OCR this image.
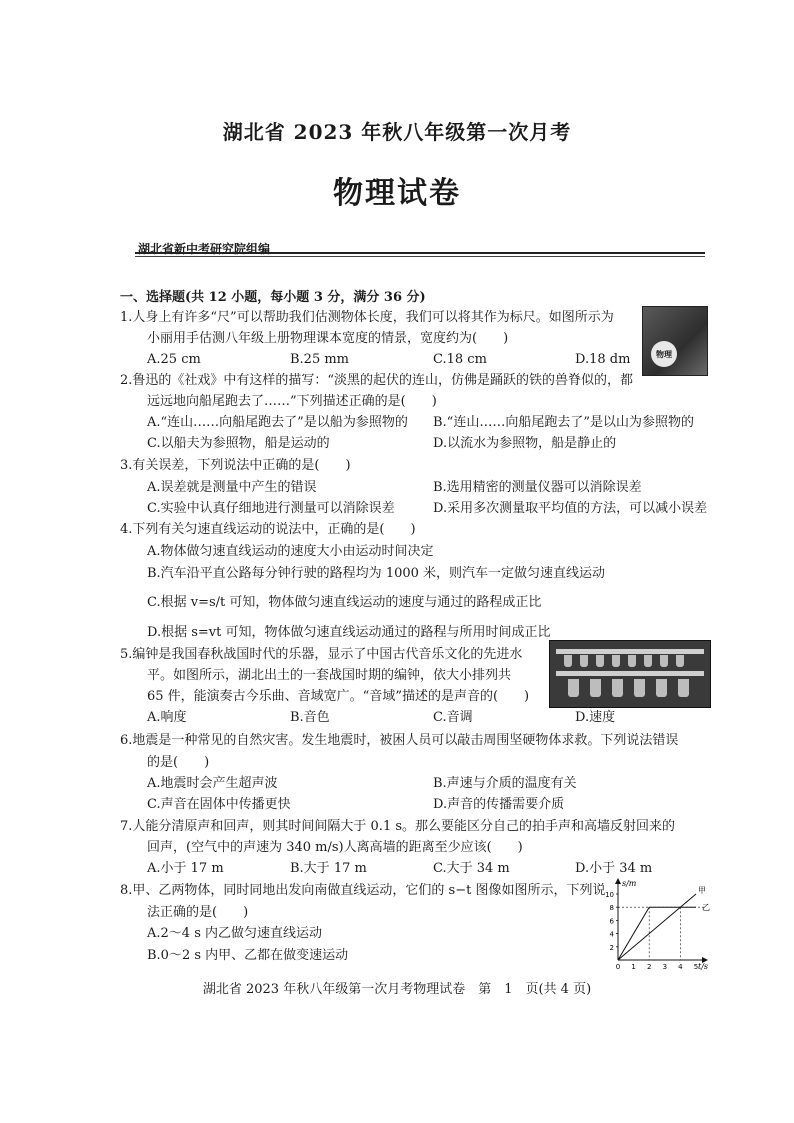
湖北省 2023 年秋八年级第一次月考
物理试卷
湖北省新中考研究院组编
一、选择题(共 12 小题，每小题 3 分，满分 36 分)
1.人身上有许多“尺”可以帮助我们估测物体长度，我们可以将其作为标尺。如图所示为
小丽用手估测八年级上册物理课本宽度的情景，宽度约为(　　)
A.25 cm	B.25 mm	C.18 cm	D.18 dm	物理
2.鲁迅的《社戏》中有这样的描写：“淡黑的起伏的连山，仿佛是踊跃的铁的兽脊似的，都
远远地向船尾跑去了……”下列描述正确的是(　　)
A.“连山……向船尾跑去了”是以船为参照物的 B.“连山……向船尾跑去了”是以山为参照物的
C.以船夫为参照物，船是运动的	D.以流水为参照物，船是静止的
3.有关误差，下列说法中正确的是(　　)
A.误差就是测量中产生的错误	B.选用精密的测量仪器可以消除误差
C.实验中认真仔细地进行测量可以消除误差	D.采用多次测量取平均值的方法，可以减小误差
4.下列有关匀速直线运动的说法中，正确的是(　　)
A.物体做匀速直线运动的速度大小由运动时间决定
B.汽车沿平直公路每分钟行驶的路程均为 1000 米，则汽车一定做匀速直线运动
C.根据 v=s/t 可知，物体做匀速直线运动的速度与通过的路程成正比
D.根据 s=vt 可知，物体做匀速直线运动通过的路程与所用时间成正比
5.编钟是我国春秋战国时代的乐器，显示了中国古代音乐文化的先进水
平。如图所示，湖北出土的一套战国时期的编钟，依大小排列共
65 件，能演奏古今乐曲、音域宽广。“音域”描述的是声音的(　　)
A.响度	B.音色	C.音调	D.速度
6.地震是一种常见的自然灾害。发生地震时，被困人员可以敲击周围坚硬物体求救。下列说法错误
的是(　　)
A.地震时会产生超声波	B.声速与介质的温度有关
C.声音在固体中传播更快	D.声音的传播需要介质
7.人能分清原声和回声，则其时间间隔大于 0.1 s。那么要能区分自己的拍手声和高墙反射回来的
回声，(空气中的声速为 340 m/s)人离高墙的距离至少应该(　　)
A.小于 17 m	B.大于 17 m	C.大于 34 m	D.小于 34 m
8.甲、乙两物体，同时同地出发向南做直线运动，它们的 s−t 图像如图所示，下列说
法正确的是(　　)
A.2～4 s 内乙做匀速直线运动
B.0～2 s 内甲、乙都在做变速运动
s/m
t/s
2
4
6
8
10
0 1 2 3 4 5
甲
乙
湖北省 2023 年秋八年级第一次月考物理试卷　第　1　页(共 4 页)
